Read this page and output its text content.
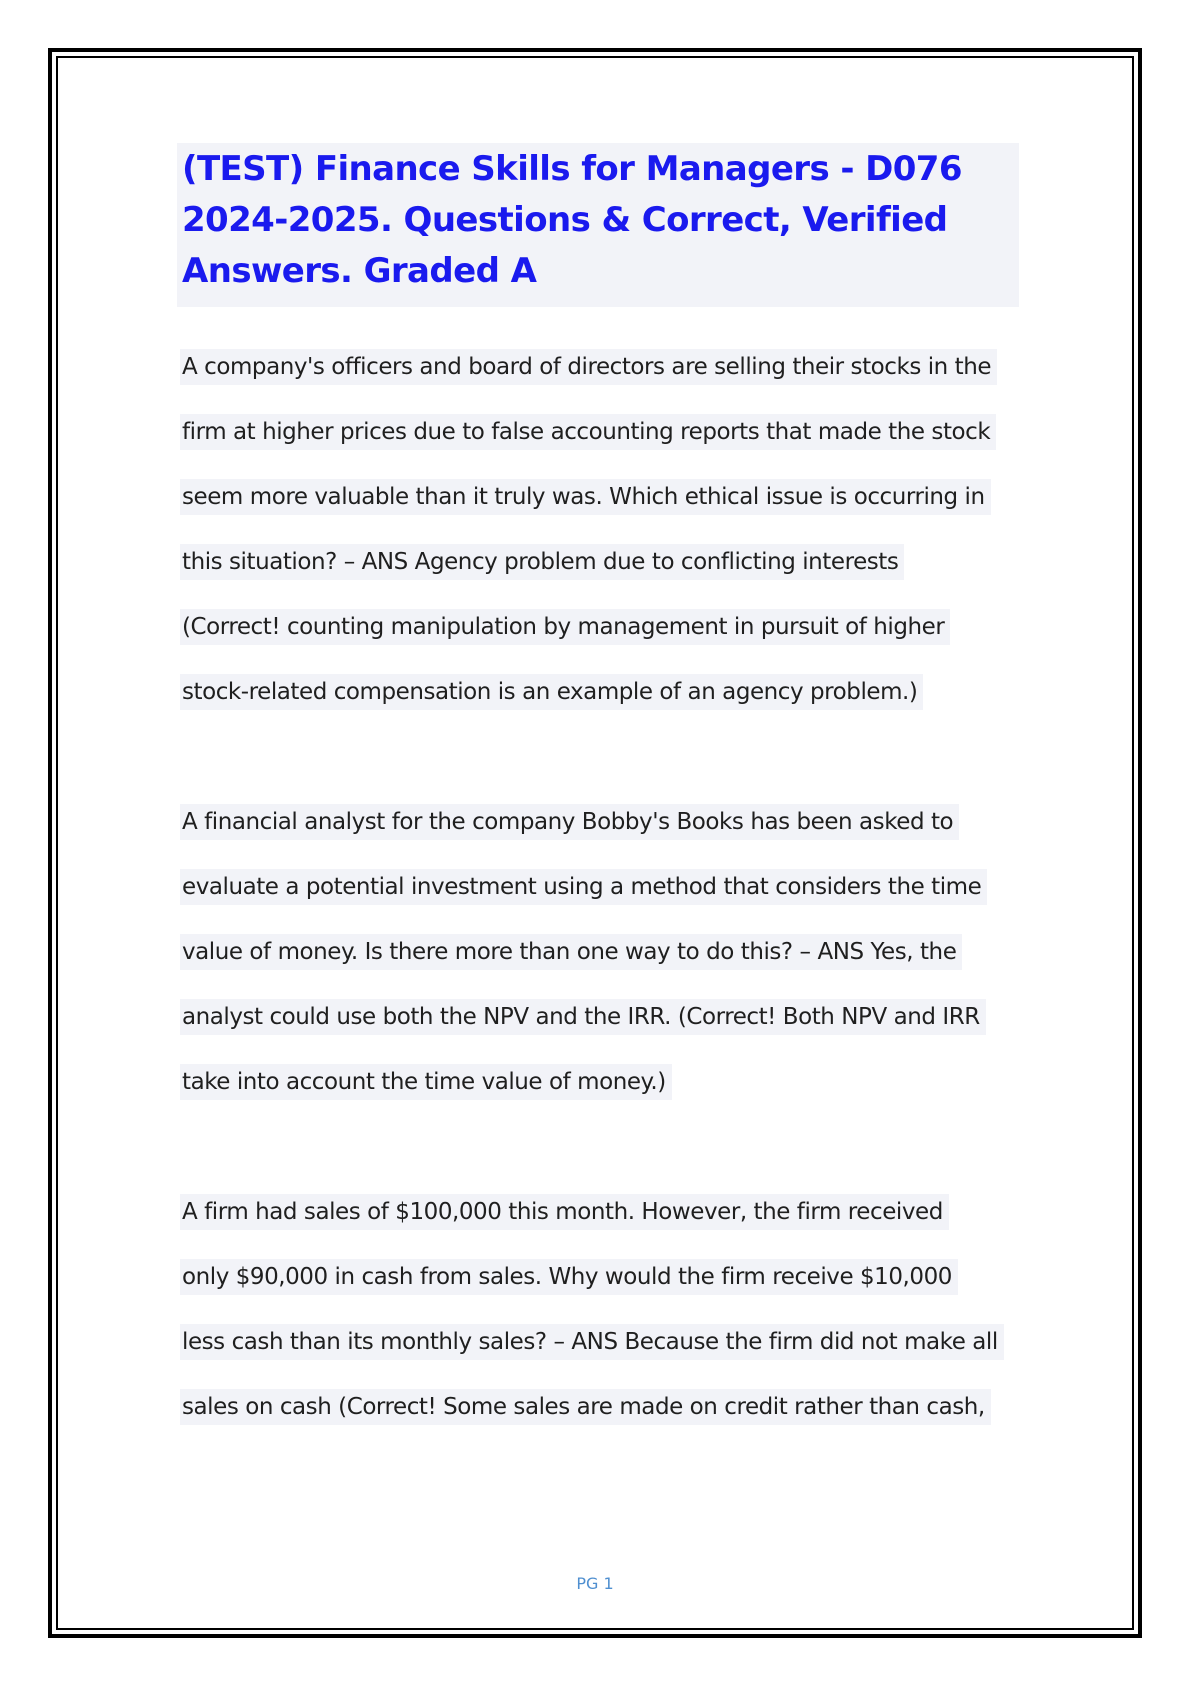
(TEST) Finance Skills for Managers - D076
2024-2025. Questions & Correct, Verified
Answers. Graded A
A company's officers and board of directors are selling their stocks in the
firm at higher prices due to false accounting reports that made the stock
seem more valuable than it truly was. Which ethical issue is occurring in
this situation? – ANS Agency problem due to conflicting interests
(Correct! counting manipulation by management in pursuit of higher
stock-related compensation is an example of an agency problem.)
A financial analyst for the company Bobby's Books has been asked to
evaluate a potential investment using a method that considers the time
value of money. Is there more than one way to do this? – ANS Yes, the
analyst could use both the NPV and the IRR. (Correct! Both NPV and IRR
take into account the time value of money.)
A firm had sales of $100,000 this month. However, the firm received
only $90,000 in cash from sales. Why would the firm receive $10,000
less cash than its monthly sales? – ANS Because the firm did not make all
sales on cash (Correct! Some sales are made on credit rather than cash,
PG 1
